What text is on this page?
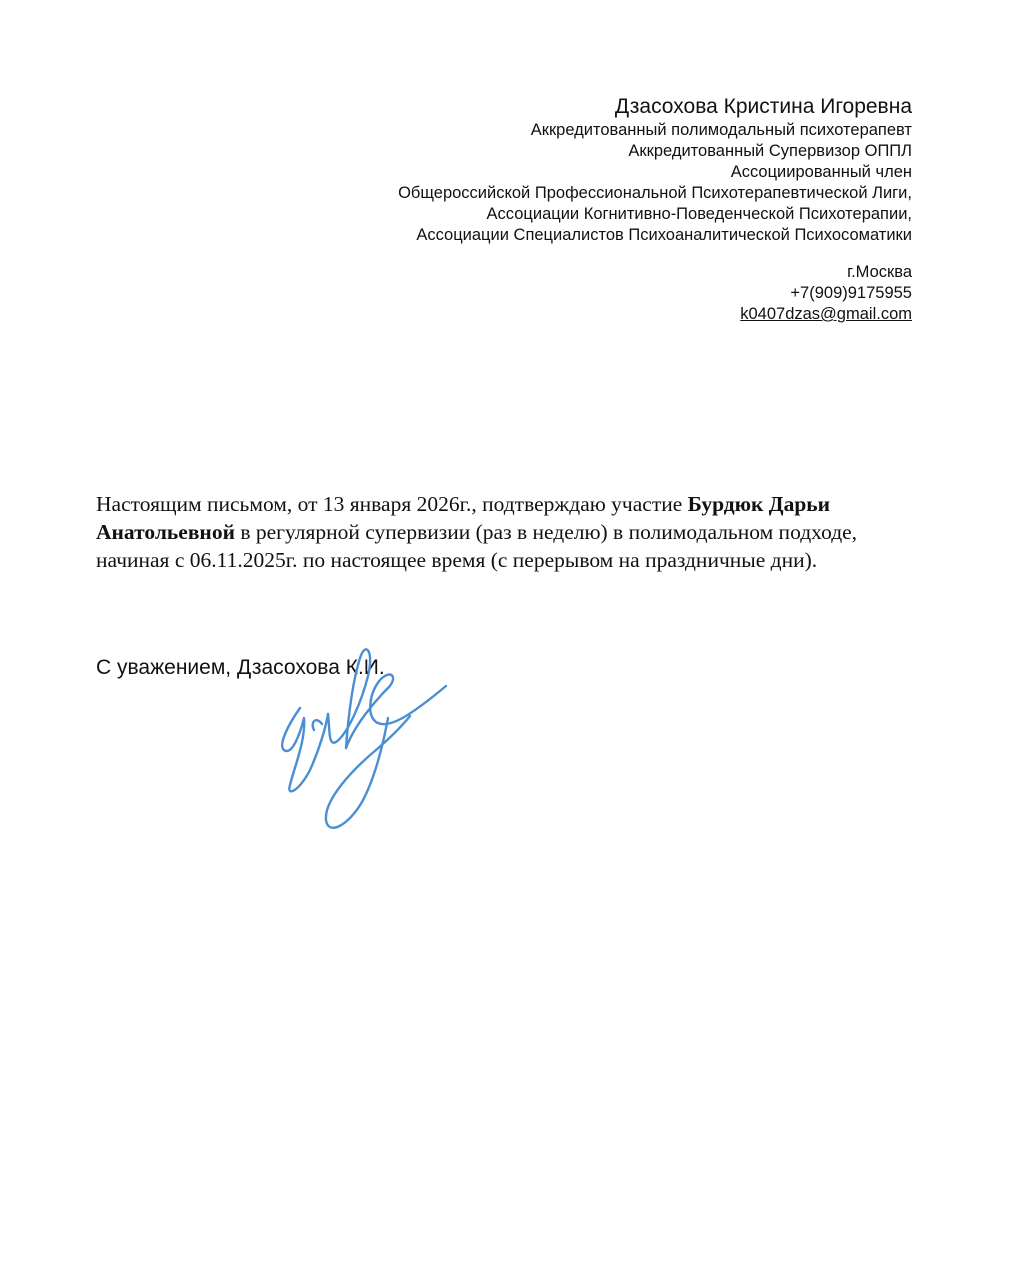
Дзасохова Кристина Игоревна
Аккредитованный полимодальный психотерапевт
Аккредитованный Супервизор ОППЛ
Ассоциированный член
Общероссийской Профессиональной Психотерапевтической Лиги,
Ассоциации Когнитивно-Поведенческой Психотерапии,
Ассоциации Специалистов Психоаналитической Психосоматики
г.Москва
+7(909)9175955
k0407dzas@gmail.com
Настоящим письмом, от 13 января 2026г., подтверждаю участие Бурдюк Дарьи Анатольевной в регулярной супервизии (раз в неделю) в полимодальном подходе, начиная с 06.11.2025г. по настоящее время (с перерывом на праздничные дни).
С уважением, Дзасохова К.И.
